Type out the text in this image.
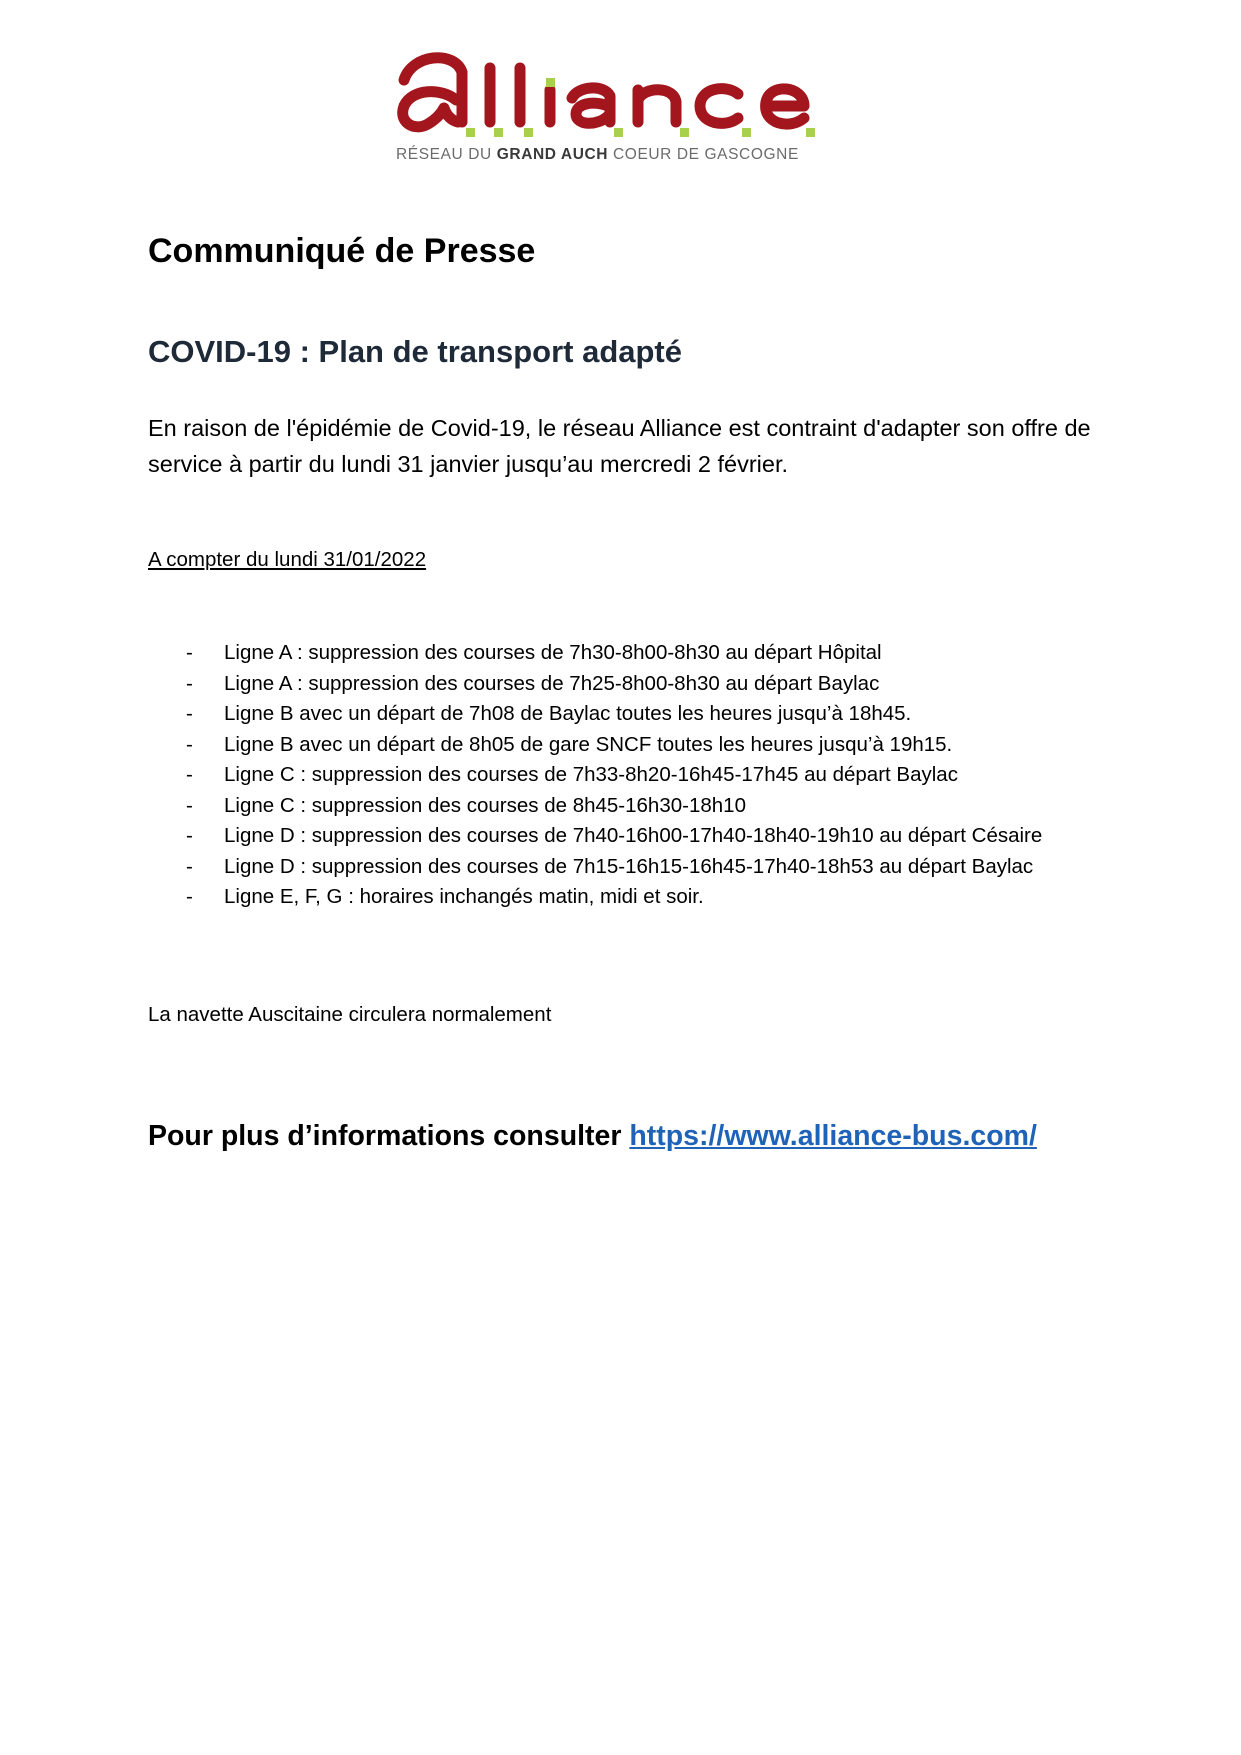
RÉSEAU DU GRAND AUCH COEUR DE GASCOGNE
Communiqué de Presse
COVID-19 : Plan de transport adapté
En raison de l'épidémie de Covid-19, le réseau Alliance est contraint d'adapter son offre de service à partir du lundi 31 janvier jusqu’au mercredi 2 février.
A compter du lundi 31/01/2022
- Ligne A : suppression des courses de 7h30-8h00-8h30 au départ Hôpital
- Ligne A : suppression des courses de 7h25-8h00-8h30 au départ Baylac
- Ligne B avec un départ de 7h08 de Baylac toutes les heures jusqu’à 18h45.
- Ligne B avec un départ de 8h05 de gare SNCF toutes les heures jusqu’à 19h15.
- Ligne C : suppression des courses de 7h33-8h20-16h45-17h45 au départ Baylac
- Ligne C : suppression des courses de 8h45-16h30-18h10
- Ligne D : suppression des courses de 7h40-16h00-17h40-18h40-19h10 au départ Césaire
- Ligne D : suppression des courses de 7h15-16h15-16h45-17h40-18h53 au départ Baylac
- Ligne E, F, G : horaires inchangés matin, midi et soir.
La navette Auscitaine circulera normalement
Pour plus d’informations consulter https://www.alliance-bus.com/
